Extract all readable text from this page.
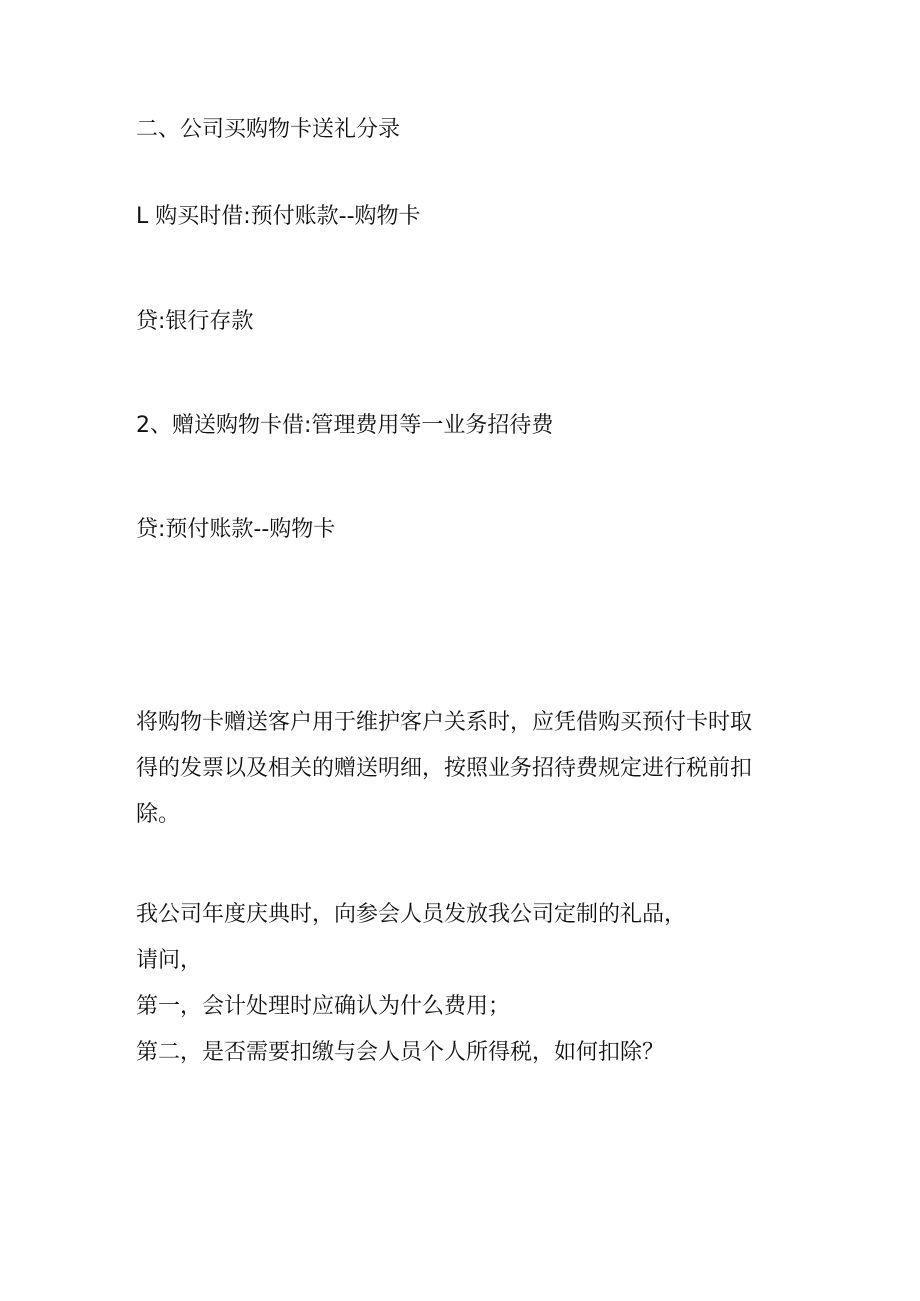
二、公司买购物卡送礼分录
L 购买时借:预付账款--购物卡
贷:银行存款
2、赠送购物卡借:管理费用等一业务招待费
贷:预付账款--购物卡
将购物卡赠送客户用于维护客户关系时，应凭借购买预付卡时取
得的发票以及相关的赠送明细，按照业务招待费规定进行税前扣
除。
我公司年度庆典时，向参会人员发放我公司定制的礼品，
请问，
第一，会计处理时应确认为什么费用；
第二，是否需要扣缴与会人员个人所得税，如何扣除？
